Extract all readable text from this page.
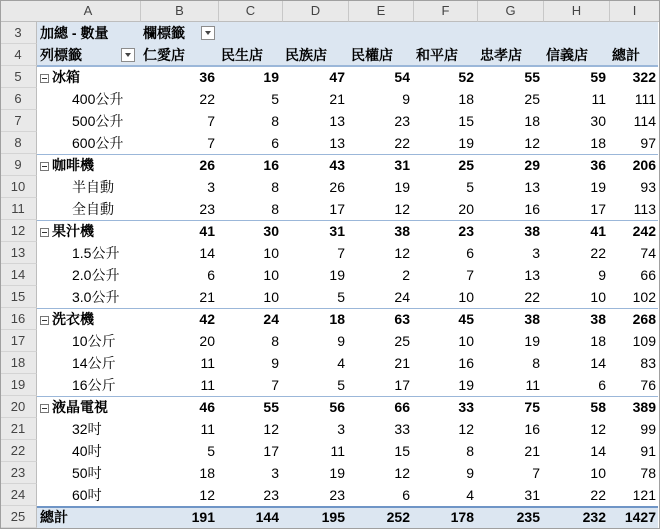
A	B	C	D	E	F	G	H	I
3
4
5
6
7
8
9
10
11
12
13
14
15
16
17
18
19
20
21
22
23
24
25
加總 - 數量	欄標籤
列標籤	仁愛店	民生店	民族店	民權店	和平店	忠孝店	信義店	總計
冰箱	36	19	47	54	52	55	59	322
400公升	22	5	21	9	18	25	11	111
500公升	7	8	13	23	15	18	30	114
600公升	7	6	13	22	19	12	18	97
咖啡機	26	16	43	31	25	29	36	206
半自動	3	8	26	19	5	13	19	93
全自動	23	8	17	12	20	16	17	113
果汁機	41	30	31	38	23	38	41	242
1.5公升	14	10	7	12	6	3	22	74
2.0公升	6	10	19	2	7	13	9	66
3.0公升	21	10	5	24	10	22	10	102
洗衣機	42	24	18	63	45	38	38	268
10公斤	20	8	9	25	10	19	18	109
14公斤	11	9	4	21	16	8	14	83
16公斤	11	7	5	17	19	11	6	76
液晶電視	46	55	56	66	33	75	58	389
32吋	11	12	3	33	12	16	12	99
40吋	5	17	11	15	8	21	14	91
50吋	18	3	19	12	9	7	10	78
60吋	12	23	23	6	4	31	22	121
總計	191	144	195	252	178	235	232	1427
